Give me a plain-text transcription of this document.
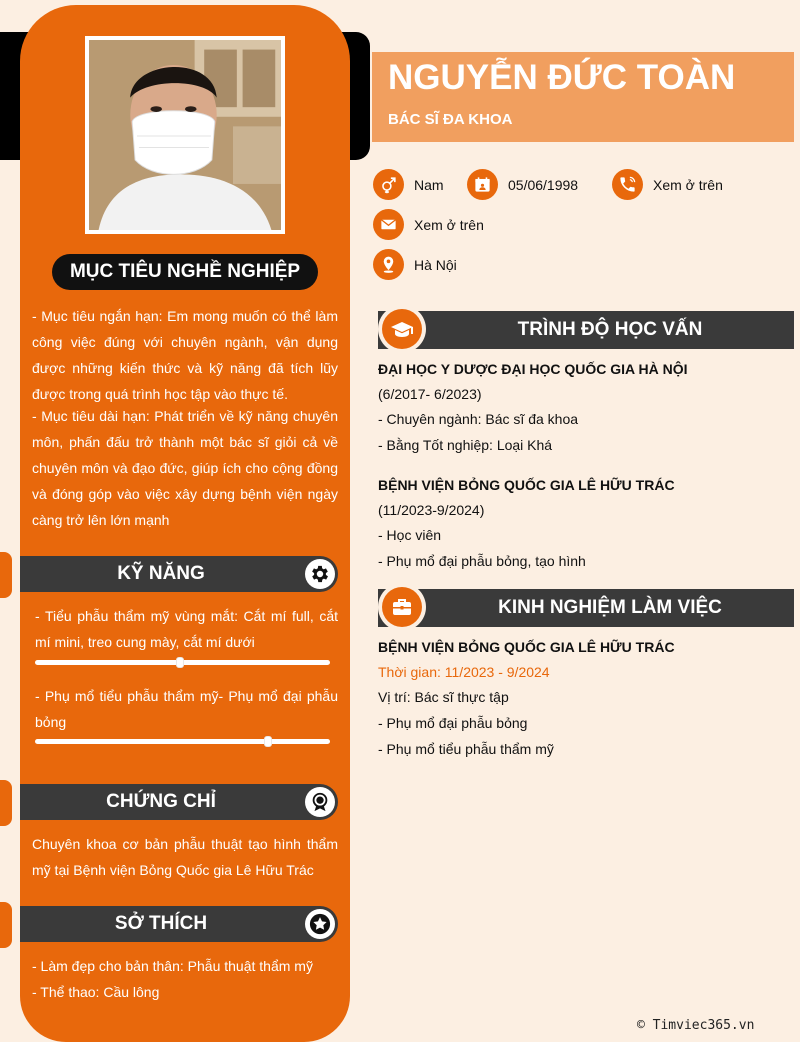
MỤC TIÊU NGHỀ NGHIỆP
- Mục tiêu ngắn hạn: Em mong muốn có thể làm công việc đúng với chuyên ngành, vận dụng được những kiến thức và kỹ năng đã tích lũy được trong quá trình học tập vào thực tế.
- Mục tiêu dài hạn: Phát triển về kỹ năng chuyên môn, phấn đấu trở thành một bác sĩ giỏi cả về chuyên môn và đạo đức, giúp ích cho cộng đồng và đóng góp vào việc xây dựng bệnh viện ngày càng trở lên lớn mạnh
KỸ NĂNG
- Tiểu phẫu thẩm mỹ vùng mắt: Cắt mí full, cắt mí mini, treo cung mày, cắt mí dưới
- Phụ mổ tiểu phẫu thẩm mỹ- Phụ mổ đại phẫu bỏng
CHỨNG CHỈ
Chuyên khoa cơ bản phẫu thuật tạo hình thẩm mỹ tại Bệnh viện Bỏng Quốc gia Lê Hữu Trác
SỞ THÍCH
- Làm đẹp cho bản thân: Phẫu thuật thẩm mỹ
- Thể thao: Cầu lông
NGUYỄN ĐỨC TOÀN
BÁC SĨ ĐA KHOA
Nam	05/06/1998	Xem ở trên
Xem ở trên
Hà Nội
TRÌNH ĐỘ HỌC VẤN
ĐẠI HỌC Y DƯỢC ĐẠI HỌC QUỐC GIA HÀ NỘI
(6/2017- 6/2023)
- Chuyên ngành: Bác sĩ đa khoa
- Bằng Tốt nghiệp: Loại Khá
BỆNH VIỆN BỎNG QUỐC GIA LÊ HỮU TRÁC
(11/2023-9/2024)
- Học viên
- Phụ mổ đại phẫu bỏng, tạo hình
KINH NGHIỆM LÀM VIỆC
BỆNH VIỆN BỎNG QUỐC GIA LÊ HỮU TRÁC
Thời gian: 11/2023 - 9/2024
Vị trí: Bác sĩ thực tập
- Phụ mổ đại phẫu bỏng
- Phụ mổ tiểu phẫu thẩm mỹ
© Timviec365.vn
